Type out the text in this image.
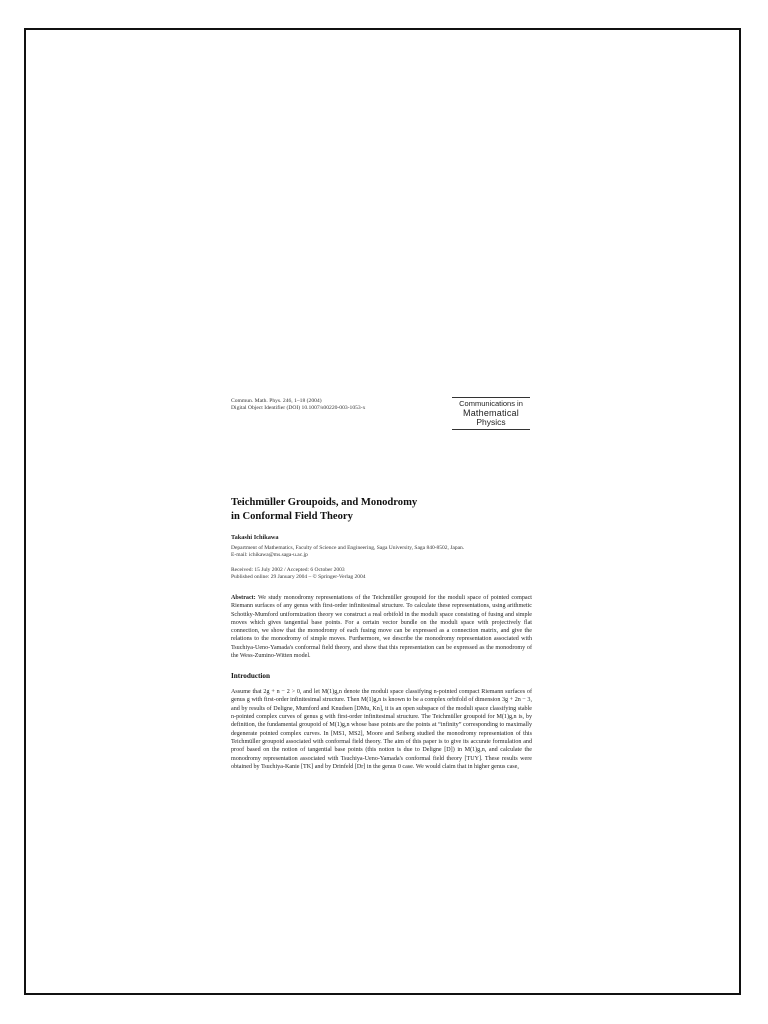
Commun. Math. Phys. 246, 1–18 (2004)
Digital Object Identifier (DOI) 10.1007/s00220-003-1053-x	Communications in
Mathematical
Physics
Teichmüller Groupoids, and Monodromy
in Conformal Field Theory
Takashi Ichikawa
Department of Mathematics, Faculty of Science and Engineering, Saga University, Saga 840-8502, Japan.
E-mail: ichikawa@ms.saga-u.ac.jp
Received: 15 July 2002 / Accepted: 6 October 2003
Published online: 29 January 2004 – © Springer-Verlag 2004
Abstract: We study monodromy representations of the Teichmüller groupoid for the moduli space of pointed compact Riemann surfaces of any genus with first-order infinitesimal structure. To calculate these representations, using arithmetic Schottky-Mumford uniformization theory we construct a real orbifold in the moduli space consisting of fusing and simple moves which gives tangential base points. For a certain vector bundle on the moduli space with projectively flat connection, we show that the monodromy of each fusing move can be expressed as a connection matrix, and give the relations to the monodromy of simple moves. Furthermore, we describe the monodromy representation associated with Tsuchiya-Ueno-Yamada's conformal field theory, and show that this representation can be expressed as the monodromy of the Wess-Zumino-Witten model.
Introduction

Assume that 2g + n − 2 > 0, and let M(1)g,n denote the moduli space classifying n-pointed compact Riemann surfaces of genus g with first-order infinitesimal structure. Then M(1)g,n is known to be a complex orbifold of dimension 3g + 2n − 3, and by results of Deligne, Mumford and Knudsen [DMu, Kn], it is an open subspace of the moduli space classifying stable n-pointed complex curves of genus g with first-order infinitesimal structure. The Teichmüller groupoid for M(1)g,n is, by definition, the fundamental groupoid of M(1)g,n whose base points are the points at “infinity” corresponding to maximally degenerate pointed complex curves. In [MS1, MS2], Moore and Seiberg studied the monodromy representation of this Teichmüller groupoid associated with conformal field theory. The aim of this paper is to give its accurate formulation and proof based on the notion of tangential base points (this notion is due to Deligne [D]) in M(1)g,n, and calculate the monodromy representation associated with Tsuchiya-Ueno-Yamada's conformal field theory [TUY]. These results were obtained by Tsuchiya-Kanie [TK] and by Drinfeld [Dr] in the genus 0 case. We would claim that in higher genus case,
